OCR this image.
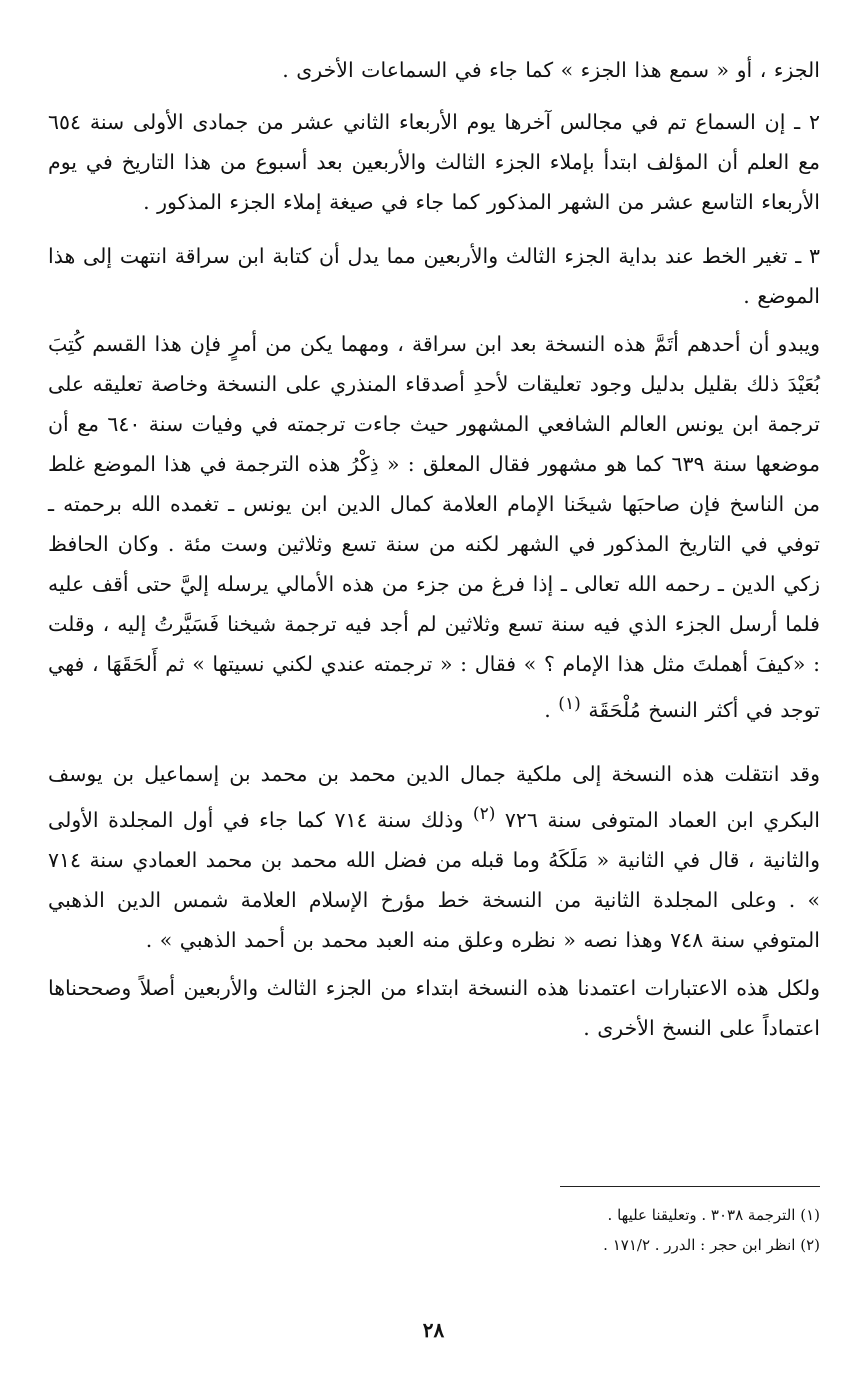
الجزء ، أو « سمع هذا الجزء » كما جاء في السماعات الأخرى .

٢ ـ إن السماع تم في مجالس آخرها يوم الأربعاء الثاني عشر من جمادى الأولى سنة ٦٥٤ مع العلم أن المؤلف ابتدأ بإملاء الجزء الثالث والأربعين بعد أسبوع من هذا التاريخ في يوم الأربعاء التاسع عشر من الشهر المذكور كما جاء في صيغة إملاء الجزء المذكور .

٣ ـ تغير الخط عند بداية الجزء الثالث والأربعين مما يدل أن كتابة ابن سراقة انتهت إلى هذا الموضع .

ويبدو أن أحدهم أتَمَّ هذه النسخة بعد ابن سراقة ، ومهما يكن من أمرٍ فإن هذا القسم كُتِبَ بُعَيْدَ ذلك بقليل بدليل وجود تعليقات لأحدِ أصدقاء المنذري على النسخة وخاصة تعليقه على ترجمة ابن يونس العالم الشافعي المشهور حيث جاءت ترجمته في وفيات سنة ٦٤٠ مع أن موضعها سنة ٦٣٩ كما هو مشهور فقال المعلق : « ذِكْرُ هذه الترجمة في هذا الموضع غلط من الناسخ فإن صاحبَها شيخَنا الإمام العلامة كمال الدين ابن يونس ـ تغمده الله برحمته ـ توفي في التاريخ المذكور في الشهر لكنه من سنة تسع وثلاثين وست مئة . وكان الحافظ زكي الدين ـ رحمه الله تعالى ـ إذا فرغ من جزء من هذه الأمالي يرسله إليَّ حتى أقف عليه فلما أرسل الجزء الذي فيه سنة تسع وثلاثين لم أجد فيه ترجمة شيخنا فَسَيَّرتُ إليه ، وقلت : «كيفَ أهملتَ مثل هذا الإمام ؟ » فقال : « ترجمته عندي لكني نسيتها » ثم أَلحَقَهَا ، فهي توجد في أكثر النسخ مُلْحَقَة $^{(١)}$ .

وقد انتقلت هذه النسخة إلى ملكية جمال الدين محمد بن محمد بن إسماعيل بن يوسف البكري ابن العماد المتوفى سنة ٧٢٦ $^{(٢)}$ وذلك سنة ٧١٤ كما جاء في أول المجلدة الأولى والثانية ، قال في الثانية « مَلَكَهُ وما قبله من فضل الله محمد بن محمد العمادي سنة ٧١٤ » . وعلى المجلدة الثانية من النسخة خط مؤرخ الإسلام العلامة شمس الدين الذهبي المتوفي سنة ٧٤٨ وهذا نصه « نظره وعلق منه العبد محمد بن أحمد الذهبي » .

ولكل هذه الاعتبارات اعتمدنا هذه النسخة ابتداء من الجزء الثالث والأربعين أصلاً وصححناها اعتماداً على النسخ الأخرى .

(١) الترجمة ٣٠٣٨ . وتعليقنا عليها .

(٢) انظر ابن حجر : الدرر . ١٧١/٢ .

٢٨
